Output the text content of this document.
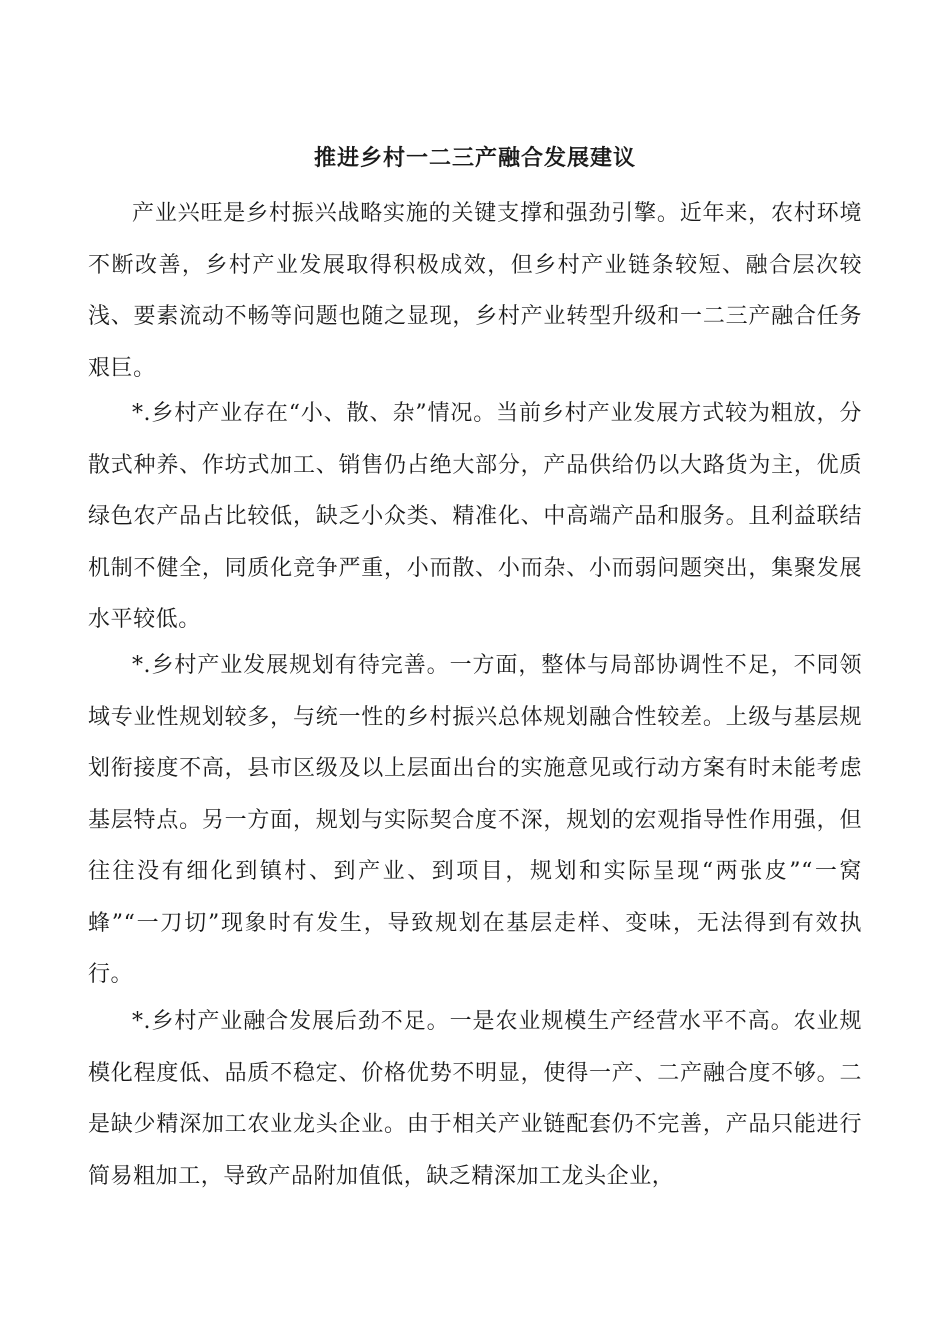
推进乡村一二三产融合发展建议

产业兴旺是乡村振兴战略实施的关键支撑和强劲引擎。近年来，农村环境不断改善，乡村产业发展取得积极成效，但乡村产业链条较短、融合层次较浅、要素流动不畅等问题也随之显现，乡村产业转型升级和一二三产融合任务艰巨。

*.乡村产业存在“小、散、杂”情况。当前乡村产业发展方式较为粗放，分散式种养、作坊式加工、销售仍占绝大部分，产品供给仍以大路货为主，优质绿色农产品占比较低，缺乏小众类、精准化、中高端产品和服务。且利益联结机制不健全，同质化竞争严重，小而散、小而杂、小而弱问题突出，集聚发展水平较低。

*.乡村产业发展规划有待完善。一方面，整体与局部协调性不足，不同领域专业性规划较多，与统一性的乡村振兴总体规划融合性较差。上级与基层规划衔接度不高，县市区级及以上层面出台的实施意见或行动方案有时未能考虑基层特点。另一方面，规划与实际契合度不深，规划的宏观指导性作用强，但往往没有细化到镇村、到产业、到项目，规划和实际呈现“两张皮”“一窝蜂”“一刀切”现象时有发生，导致规划在基层走样、变味，无法得到有效执行。

*.乡村产业融合发展后劲不足。一是农业规模生产经营水平不高。农业规模化程度低、品质不稳定、价格优势不明显，使得一产、二产融合度不够。二是缺少精深加工农业龙头企业。由于相关产业链配套仍不完善，产品只能进行简易粗加工，导致产品附加值低，缺乏精深加工龙头企业，
